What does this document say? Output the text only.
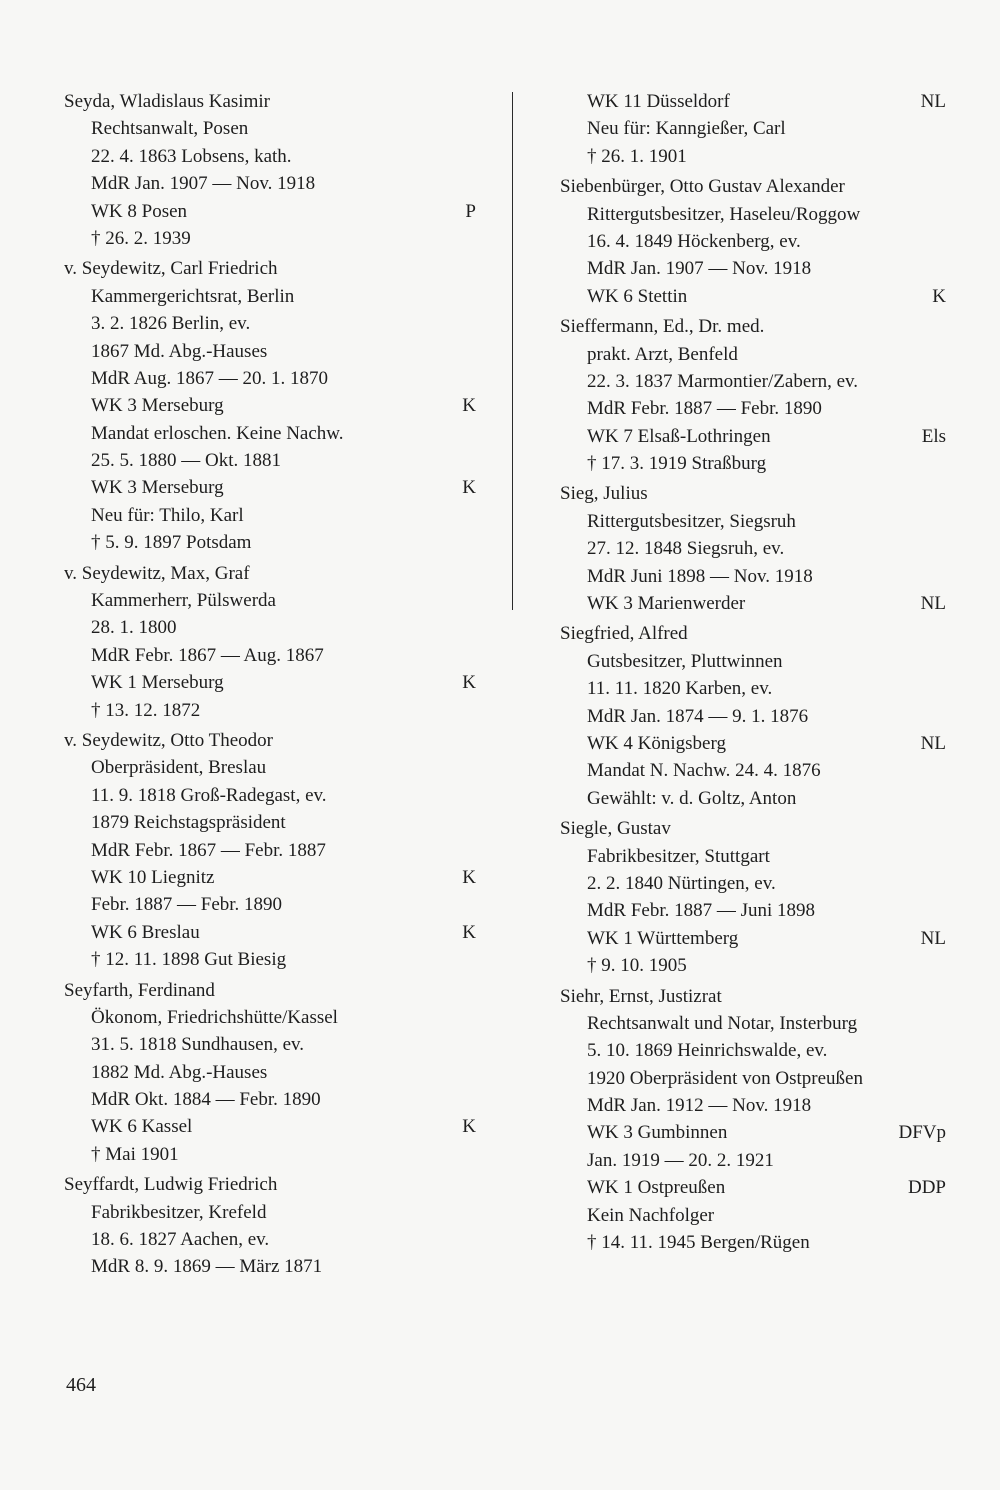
Seyda, Wladislaus Kasimir
Rechtsanwalt, Posen
22. 4. 1863 Lobsens, kath.
MdR Jan. 1907 — Nov. 1918
WK 8 Posen	P
† 26. 2. 1939
v. Seydewitz, Carl Friedrich
Kammergerichtsrat, Berlin
3. 2. 1826 Berlin, ev.
1867 Md. Abg.-Hauses
MdR Aug. 1867 — 20. 1. 1870
WK 3 Merseburg	K
Mandat erloschen. Keine Nachw.
25. 5. 1880 — Okt. 1881
WK 3 Merseburg	K
Neu für: Thilo, Karl
† 5. 9. 1897 Potsdam
v. Seydewitz, Max, Graf
Kammerherr, Pülswerda
28. 1. 1800
MdR Febr. 1867 — Aug. 1867
WK 1 Merseburg	K
† 13. 12. 1872
v. Seydewitz, Otto Theodor
Oberpräsident, Breslau
11. 9. 1818 Groß-Radegast, ev.
1879 Reichstagspräsident
MdR Febr. 1867 — Febr. 1887
WK 10 Liegnitz	K
Febr. 1887 — Febr. 1890
WK 6 Breslau	K
† 12. 11. 1898 Gut Biesig
Seyfarth, Ferdinand
Ökonom, Friedrichshütte/Kassel
31. 5. 1818 Sundhausen, ev.
1882 Md. Abg.-Hauses
MdR Okt. 1884 — Febr. 1890
WK 6 Kassel	K
† Mai 1901
Seyffardt, Ludwig Friedrich
Fabrikbesitzer, Krefeld
18. 6. 1827 Aachen, ev.
MdR 8. 9. 1869 — März 1871
WK 11 Düsseldorf	NL
Neu für: Kanngießer, Carl
† 26. 1. 1901
Siebenbürger, Otto Gustav Alexander
Rittergutsbesitzer, Haseleu/Roggow
16. 4. 1849 Höckenberg, ev.
MdR Jan. 1907 — Nov. 1918
WK 6 Stettin	K
Sieffermann, Ed., Dr. med.
prakt. Arzt, Benfeld
22. 3. 1837 Marmontier/Zabern, ev.
MdR Febr. 1887 — Febr. 1890
WK 7 Elsaß-Lothringen	Els
† 17. 3. 1919 Straßburg
Sieg, Julius
Rittergutsbesitzer, Siegsruh
27. 12. 1848 Siegsruh, ev.
MdR Juni 1898 — Nov. 1918
WK 3 Marienwerder	NL
Siegfried, Alfred
Gutsbesitzer, Pluttwinnen
11. 11. 1820 Karben, ev.
MdR Jan. 1874 — 9. 1. 1876
WK 4 Königsberg	NL
Mandat N. Nachw. 24. 4. 1876
Gewählt: v. d. Goltz, Anton
Siegle, Gustav
Fabrikbesitzer, Stuttgart
2. 2. 1840 Nürtingen, ev.
MdR Febr. 1887 — Juni 1898
WK 1 Württemberg	NL
† 9. 10. 1905
Siehr, Ernst, Justizrat
Rechtsanwalt und Notar, Insterburg
5. 10. 1869 Heinrichswalde, ev.
1920 Oberpräsident von Ostpreußen
MdR Jan. 1912 — Nov. 1918
WK 3 Gumbinnen	DFVp
Jan. 1919 — 20. 2. 1921
WK 1 Ostpreußen	DDP
Kein Nachfolger
† 14. 11. 1945 Bergen/Rügen
464
